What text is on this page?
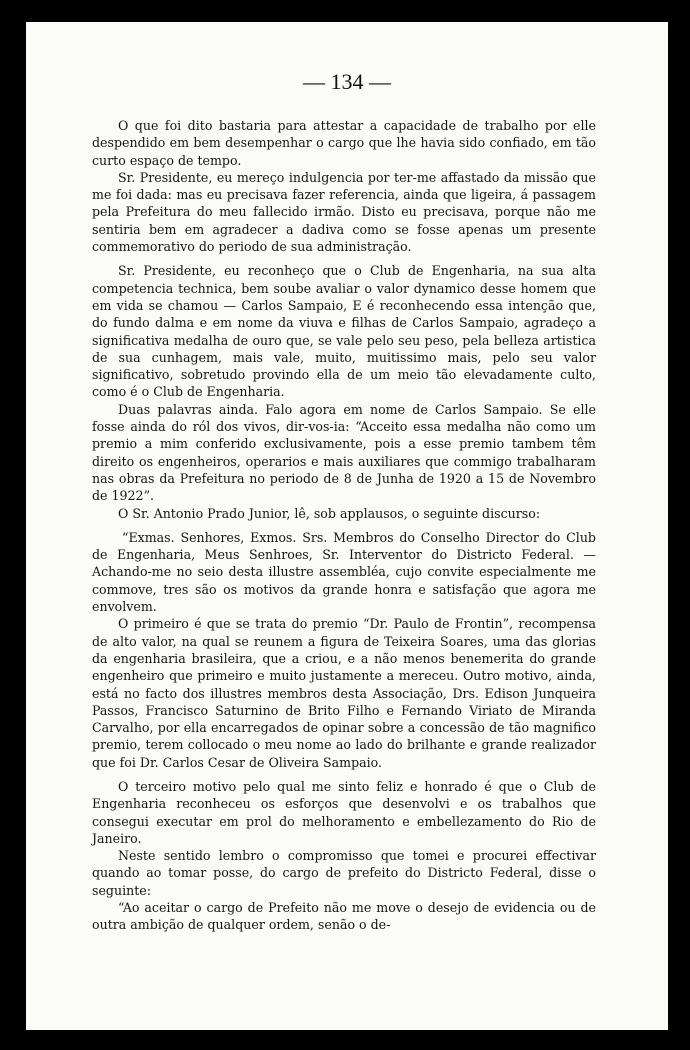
— 134 —

O que foi dito bastaria para attestar a capacidade de trabalho por elle despendido em bem desempenhar o cargo que lhe havia sido confiado, em tão curto espaço de tempo.

Sr. Presidente, eu mereço indulgencia por ter-me affastado da missão que me foi dada: mas eu precisava fazer referencia, ainda que ligeira, á passagem pela Prefeitura do meu fallecido irmão. Disto eu precisava, porque não me sentiria bem em agradecer a dadiva como se fosse apenas um presente commemorativo do periodo de sua administração.

Sr. Presidente, eu reconheço que o Club de Engenharia, na sua alta competencia technica, bem soube avaliar o valor dynamico desse homem que em vida se chamou — Carlos Sampaio, E é reconhecendo essa intenção que, do fundo dalma e em nome da viuva e filhas de Carlos Sampaio, agradeço a significativa medalha de ouro que, se vale pelo seu peso, pela belleza artistica de sua cunhagem, mais vale, muito, muitissimo mais, pelo seu valor significativo, sobretudo provindo ella de um meio tão elevadamente culto, como é o Club de Engenharia.

Duas palavras ainda. Falo agora em nome de Carlos Sampaio. Se elle fosse ainda do ról dos vivos, dir-vos-ia: “Acceito essa medalha não como um premio a mim conferido exclusivamente, pois a esse premio tambem têm direito os engenheiros, operarios e mais auxiliares que commigo trabalharam nas obras da Prefeitura no periodo de 8 de Junha de 1920 a 15 de Novembro de 1922”.

O Sr. Antonio Prado Junior, lê, sob applausos, o seguinte discurso:

“Exmas. Senhores, Exmos. Srs. Membros do Conselho Director do Club de Engenharia, Meus Senhroes, Sr. Interventor do Districto Federal. — Achando-me no seio desta illustre assembléa, cujo convite especialmente me commove, tres são os motivos da grande honra e satisfação que agora me envolvem.

O primeiro é que se trata do premio “Dr. Paulo de Frontin”, recompensa de alto valor, na qual se reunem a figura de Teixeira Soares, uma das glorias da engenharia brasileira, que a criou, e a não menos benemerita do grande engenheiro que primeiro e muito justamente a mereceu. Outro motivo, ainda, está no facto dos illustres membros desta Associação, Drs. Edison Junqueira Passos, Francisco Saturnino de Brito Filho e Fernando Viriato de Miranda Carvalho, por ella encarregados de opinar sobre a concessão de tão magnifico premio, terem collocado o meu nome ao lado do brilhante e grande realizador que foi Dr. Carlos Cesar de Oliveira Sampaio.

O terceiro motivo pelo qual me sinto feliz e honrado é que o Club de Engenharia reconheceu os esforços que desenvolvi e os trabalhos que consegui executar em prol do melhoramento e embellezamento do Rio de Janeiro.

Neste sentido lembro o compromisso que tomei e procurei effectivar quando ao tomar posse, do cargo de prefeito do Districto Federal, disse o seguinte:

“Ao aceitar o cargo de Prefeito não me move o desejo de evidencia ou de outra ambição de qualquer ordem, senão o de-
